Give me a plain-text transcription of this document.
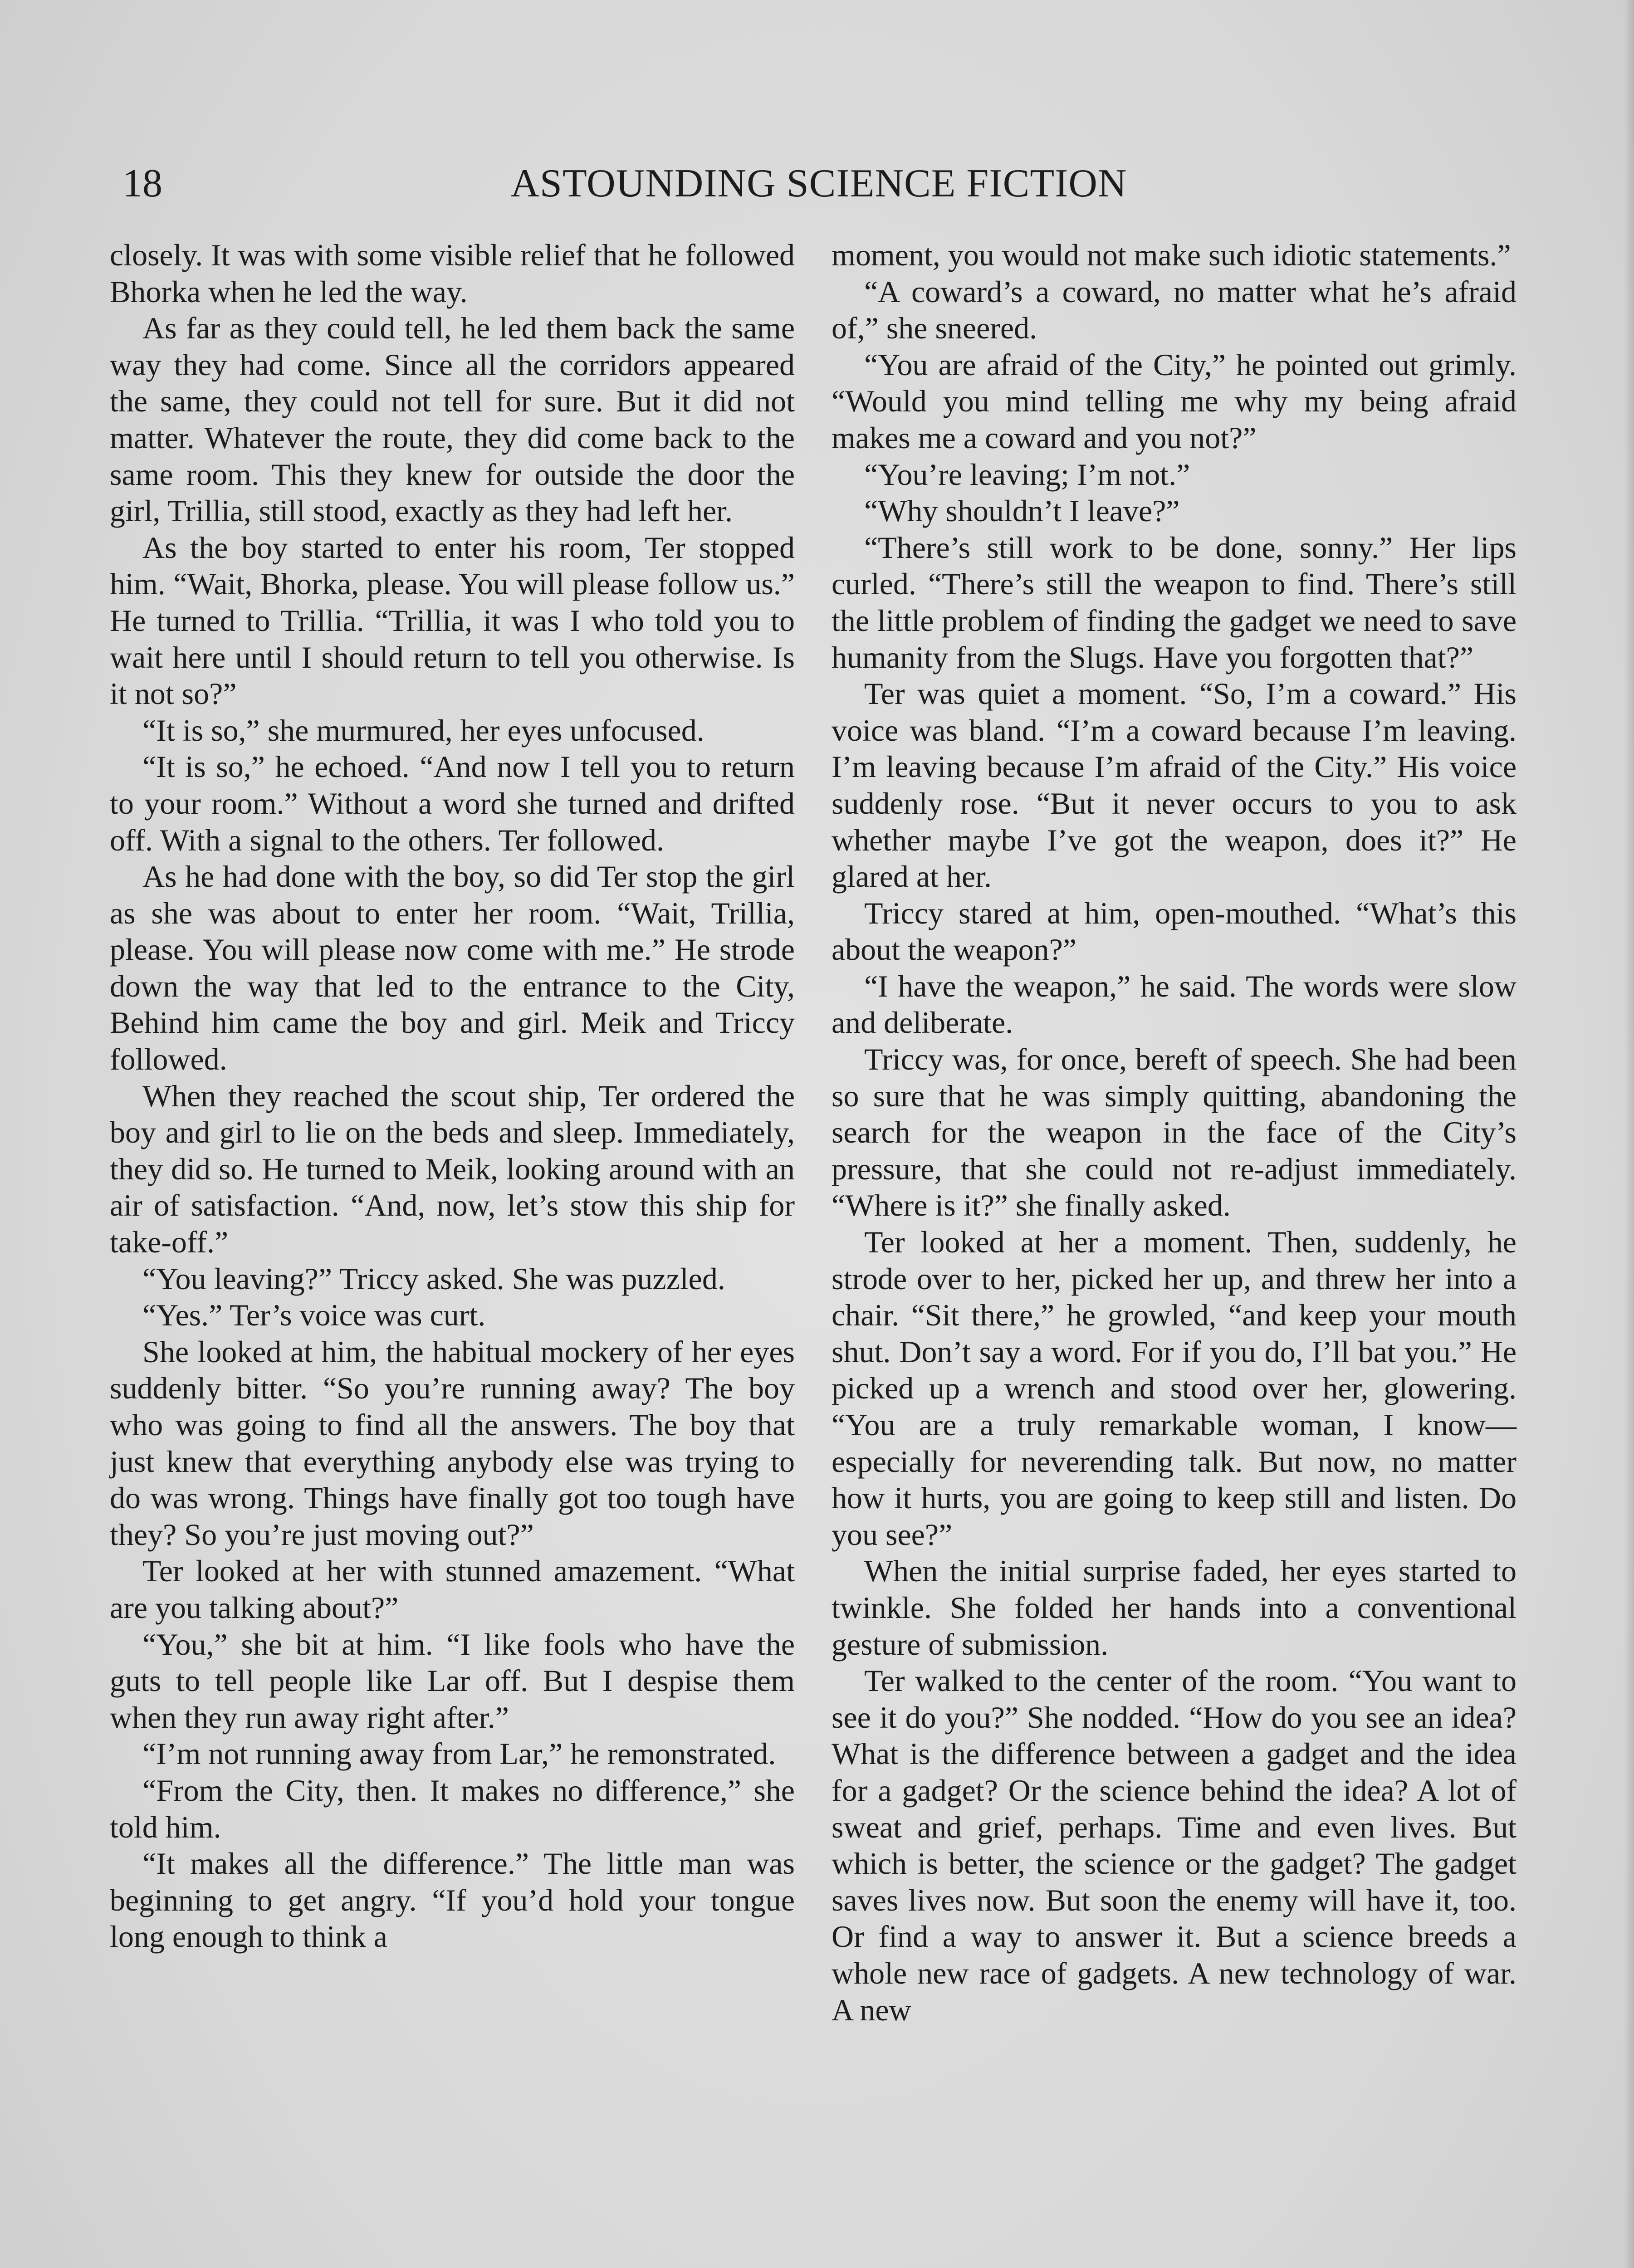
ASTOUNDING SCIENCE FICTION
18

closely. It was with some visible relief that he followed Bhorka when he led the way.

As far as they could tell, he led them back the same way they had come. Since all the corridors appeared the same, they could not tell for sure. But it did not matter. Whatever the route, they did come back to the same room. This they knew for outside the door the girl, Trillia, still stood, exactly as they had left her.

As the boy started to enter his room, Ter stopped him. “Wait, Bhorka, please. You will please follow us.” He turned to Trillia. “Trillia, it was I who told you to wait here until I should return to tell you otherwise. Is it not so?”

“It is so,” she murmured, her eyes unfocused.

“It is so,” he echoed. “And now I tell you to return to your room.” Without a word she turned and drifted off. With a signal to the others. Ter followed.

As he had done with the boy, so did Ter stop the girl as she was about to enter her room. “Wait, Trillia, please. You will please now come with me.” He strode down the way that led to the entrance to the City, Behind him came the boy and girl. Meik and Triccy followed.

When they reached the scout ship, Ter ordered the boy and girl to lie on the beds and sleep. Immediately, they did so. He turned to Meik, looking around with an air of satisfaction. “And, now, let’s stow this ship for take-off.”

“You leaving?” Triccy asked. She was puzzled.

“Yes.” Ter’s voice was curt.

She looked at him, the habitual mockery of her eyes suddenly bitter. “So you’re running away? The boy who was going to find all the answers. The boy that just knew that everything anybody else was trying to do was wrong. Things have finally got too tough have they? So you’re just moving out?”

Ter looked at her with stunned amazement. “What are you talking about?”

“You,” she bit at him. “I like fools who have the guts to tell people like Lar off. But I despise them when they run away right after.”

“I’m not running away from Lar,” he remonstrated.

“From the City, then. It makes no difference,” she told him.

“It makes all the difference.” The little man was beginning to get angry. “If you’d hold your tongue long enough to think a

moment, you would not make such idiotic statements.”

“A coward’s a coward, no matter what he’s afraid of,” she sneered.

“You are afraid of the City,” he pointed out grimly. “Would you mind telling me why my being afraid makes me a coward and you not?”

“You’re leaving; I’m not.”

“Why shouldn’t I leave?”

“There’s still work to be done, sonny.” Her lips curled. “There’s still the weapon to find. There’s still the little problem of finding the gadget we need to save humanity from the Slugs. Have you forgotten that?”

Ter was quiet a moment. “So, I’m a coward.” His voice was bland. “I’m a coward because I’m leaving. I’m leaving because I’m afraid of the City.” His voice suddenly rose. “But it never occurs to you to ask whether maybe I’ve got the weapon, does it?” He glared at her.

Triccy stared at him, open-mouthed. “What’s this about the weapon?”

“I have the weapon,” he said. The words were slow and deliberate.

Triccy was, for once, bereft of speech. She had been so sure that he was simply quitting, abandoning the search for the weapon in the face of the City’s pressure, that she could not re-adjust immediately. “Where is it?” she finally asked.

Ter looked at her a moment. Then, suddenly, he strode over to her, picked her up, and threw her into a chair. “Sit there,” he growled, “and keep your mouth shut. Don’t say a word. For if you do, I’ll bat you.” He picked up a wrench and stood over her, glowering. “You are a truly remarkable woman, I know—especially for neverending talk. But now, no matter how it hurts, you are going to keep still and listen. Do you see?”

When the initial surprise faded, her eyes started to twinkle. She folded her hands into a conventional gesture of submission.

Ter walked to the center of the room. “You want to see it do you?” She nodded. “How do you see an idea? What is the difference between a gadget and the idea for a gadget? Or the science behind the idea? A lot of sweat and grief, perhaps. Time and even lives. But which is better, the science or the gadget? The gadget saves lives now. But soon the enemy will have it, too. Or find a way to answer it. But a science breeds a whole new race of gadgets. A new technology of war. A new
